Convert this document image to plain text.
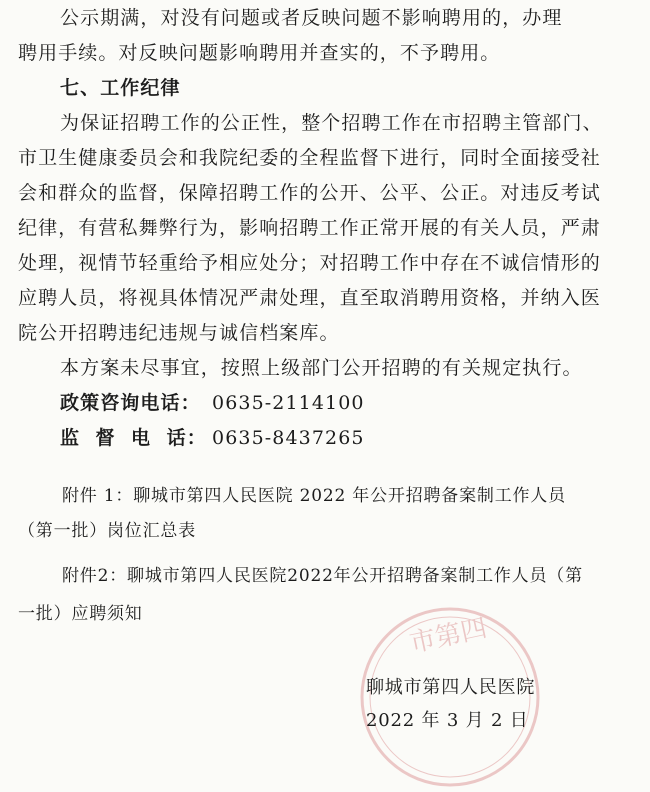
市第四
公示期满，对没有问题或者反映问题不影响聘用的，办理
聘用手续。对反映问题影响聘用并查实的，不予聘用。
七、工作纪律
为保证招聘工作的公正性，整个招聘工作在市招聘主管部门、
市卫生健康委员会和我院纪委的全程监督下进行，同时全面接受社
会和群众的监督，保障招聘工作的公开、公平、公正。对违反考试
纪律，有营私舞弊行为，影响招聘工作正常开展的有关人员，严肃
处理，视情节轻重给予相应处分；对招聘工作中存在不诚信情形的
应聘人员，将视具体情况严肃处理，直至取消聘用资格，并纳入医
院公开招聘违纪违规与诚信档案库。
本方案未尽事宜，按照上级部门公开招聘的有关规定执行。
政策咨询电话： 0635-2114100
监  督  电  话： 0635-8437265
附件 1：聊城市第四人民医院 2022 年公开招聘备案制工作人员
（第一批）岗位汇总表
附件2：聊城市第四人民医院2022年公开招聘备案制工作人员（第
一批）应聘须知
聊城市第四人民医院
2022 年 3 月 2 日
